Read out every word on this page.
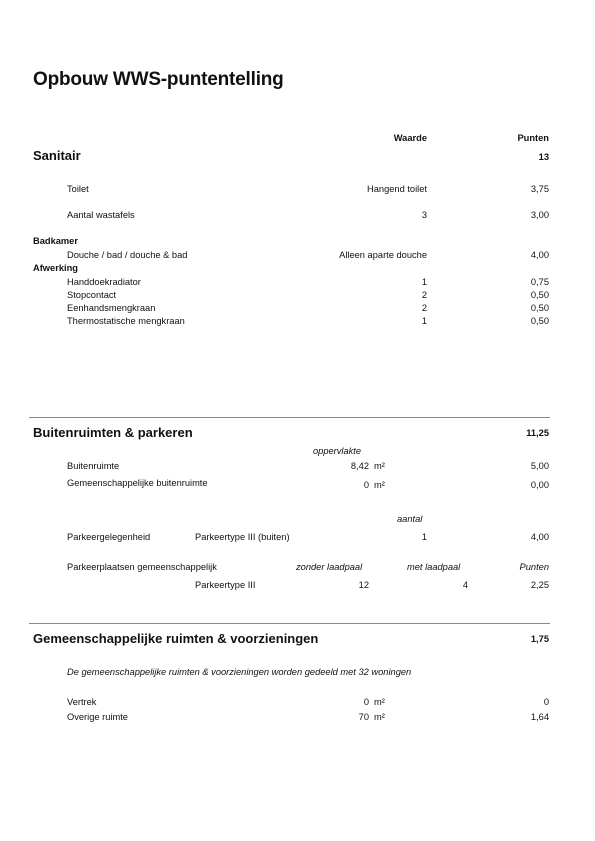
Opbouw WWS-puntentelling
Waarde	Punten
Sanitair	13
Toilet	Hangend toilet	3,75
Aantal wastafels	3	3,00
Badkamer
Douche / bad / douche & bad	Alleen aparte douche	4,00
Afwerking
Handdoekradiator	1	0,75
Stopcontact	2	0,50
Eenhandsmengkraan	2	0,50
Thermostatische mengkraan	1	0,50
Buitenruimten & parkeren	11,25
oppervlakte
Buitenruimte	8,42 m²	5,00
Gemeenschappelijke buitenruimte	0 m²	0,00
aantal
Parkeergelegenheid	Parkeertype III (buiten)	1	4,00
Parkeerplaatsen gemeenschappelijk	zonder laadpaal	met laadpaal	Punten
Parkeertype III	12	4	2,25
Gemeenschappelijke ruimten & voorzieningen	1,75
De gemeenschappelijke ruimten & voorzieningen worden gedeeld met 32 woningen
Vertrek	0 m²	0
Overige ruimte	70 m²	1,64
